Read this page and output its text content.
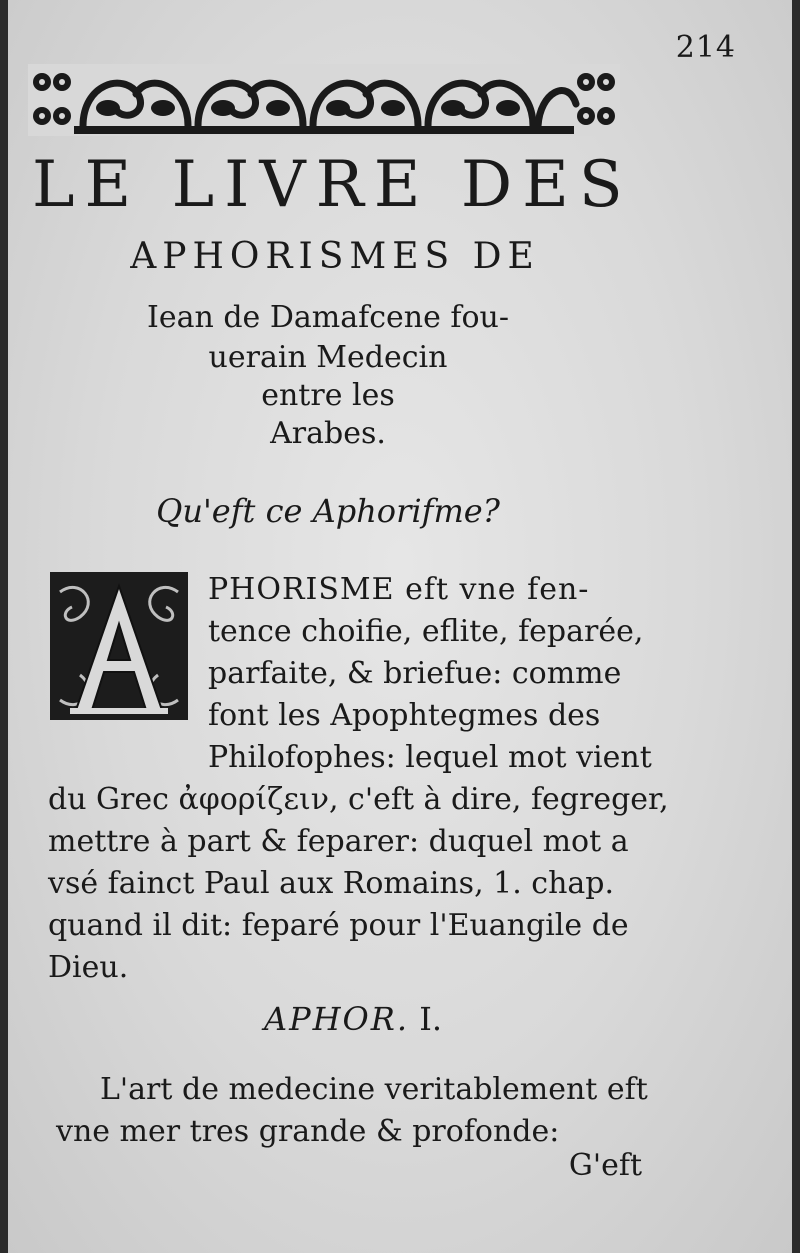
214
LE LIVRE DES
APHORISMES DE
Iean de Damafcene fou-
uerain Medecin
entre les
Arabes.
Qu'eft ce Aphorifme?
PHORISME eft vne fen-
tence choifie, eflite, feparée,
parfaite, & briefue: comme
font les Apophtegmes des
Philofophes: lequel mot vient
du Grec ἀφορίζειν, c'eft à dire, fegreger,
mettre à part & feparer: duquel mot a
vsé fainct Paul aux Romains, 1. chap.
quand il dit: feparé pour l'Euangile de
Dieu.
APHOR. I.
L'art de medecine veritablement eft
vne mer tres grande & profonde:
G'eft
